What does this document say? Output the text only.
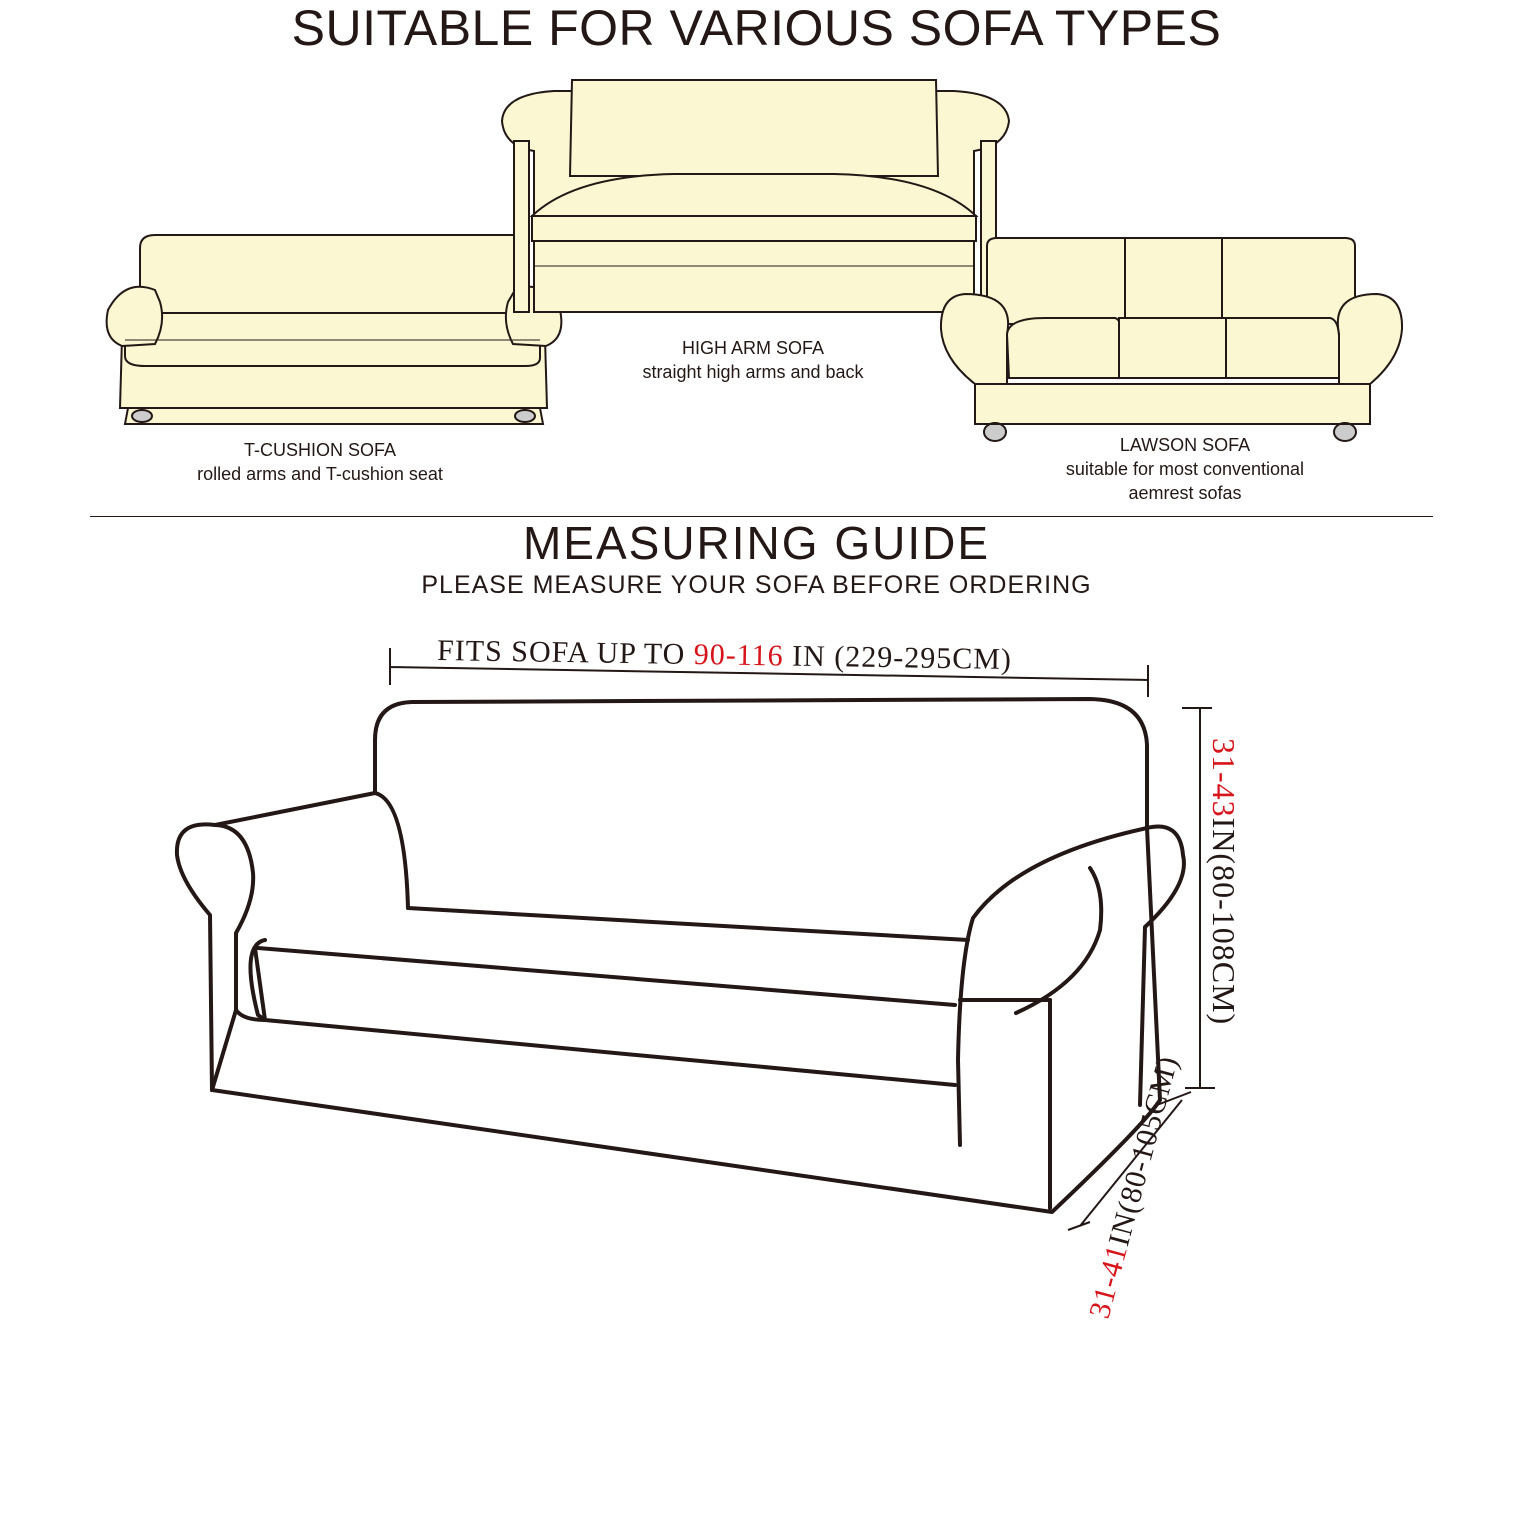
SUITABLE FOR VARIOUS SOFA TYPES
T-CUSHION SOFA
rolled arms and T-cushion seat
HIGH ARM SOFA
straight high arms and back
LAWSON SOFA
suitable for most conventional
aemrest sofas
MEASURING GUIDE
PLEASE MEASURE YOUR SOFA BEFORE ORDERING
FITS SOFA UP TO 90-116 IN (229-295CM)
31-43IN(80-108CM)
31-41IN(80-105CM)
